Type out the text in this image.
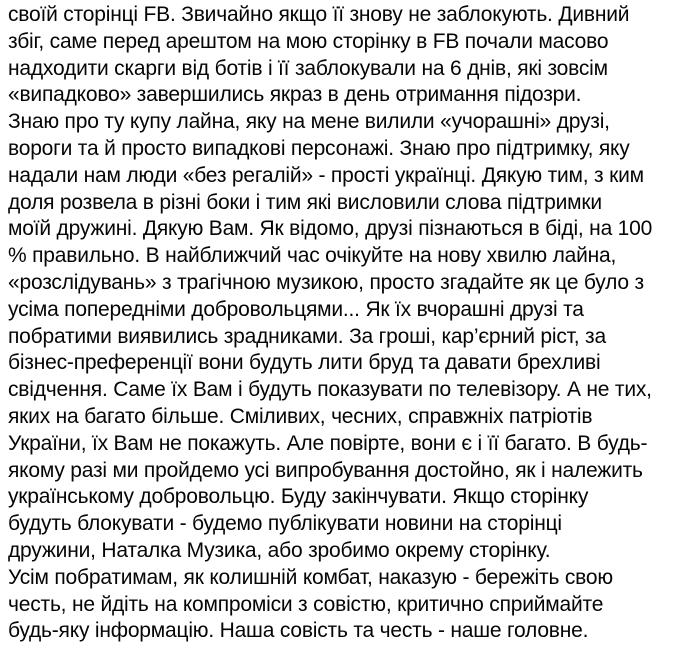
своїй сторінці FB. Звичайно якщо її знову не заблокують. Дивний
збіг, саме перед арештом на мою сторінку в FB почали масово
надходити скарги від ботів і її заблокували на 6 днів, які зовсім
«випадково» завершились якраз в день отримання підозри.
Знаю про ту купу лайна, яку на мене вилили «учорашні» друзі,
вороги та й просто випадкові персонажі. Знаю про підтримку, яку
надали нам люди «без регалій» - прості українці. Дякую тим, з ким
доля розвела в різні боки і тим які висловили слова підтримки
моїй дружині. Дякую Вам. Як відомо, друзі пізнаються в біді, на 100
% правильно. В найближчий час очікуйте на нову хвилю лайна,
«розслідувань» з трагічною музикою, просто згадайте як це було з
усіма попередніми добровольцями... Як їх вчорашні друзі та
побратими виявились зрадниками. За гроші, кар’єрний ріст, за
бізнес-преференції вони будуть лити бруд та давати брехливі
свідчення. Саме їх Вам і будуть показувати по телевізору. А не тих,
яких на багато більше. Сміливих, чесних, справжніх патріотів
України, їх Вам не покажуть. Але повірте, вони є і її багато. В будь-
якому разі ми пройдемо усі випробування достойно, як і належить
українському добровольцю. Буду закінчувати. Якщо сторінку
будуть блокувати - будемо публікувати новини на сторінці
дружини, Наталка Музика, або зробимо окрему сторінку.
Усім побратимам, як колишній комбат, наказую - бережіть свою
честь, не йдіть на компроміси з совістю, критично сприймайте
будь-яку інформацію. Наша совість та честь - наше головне.
